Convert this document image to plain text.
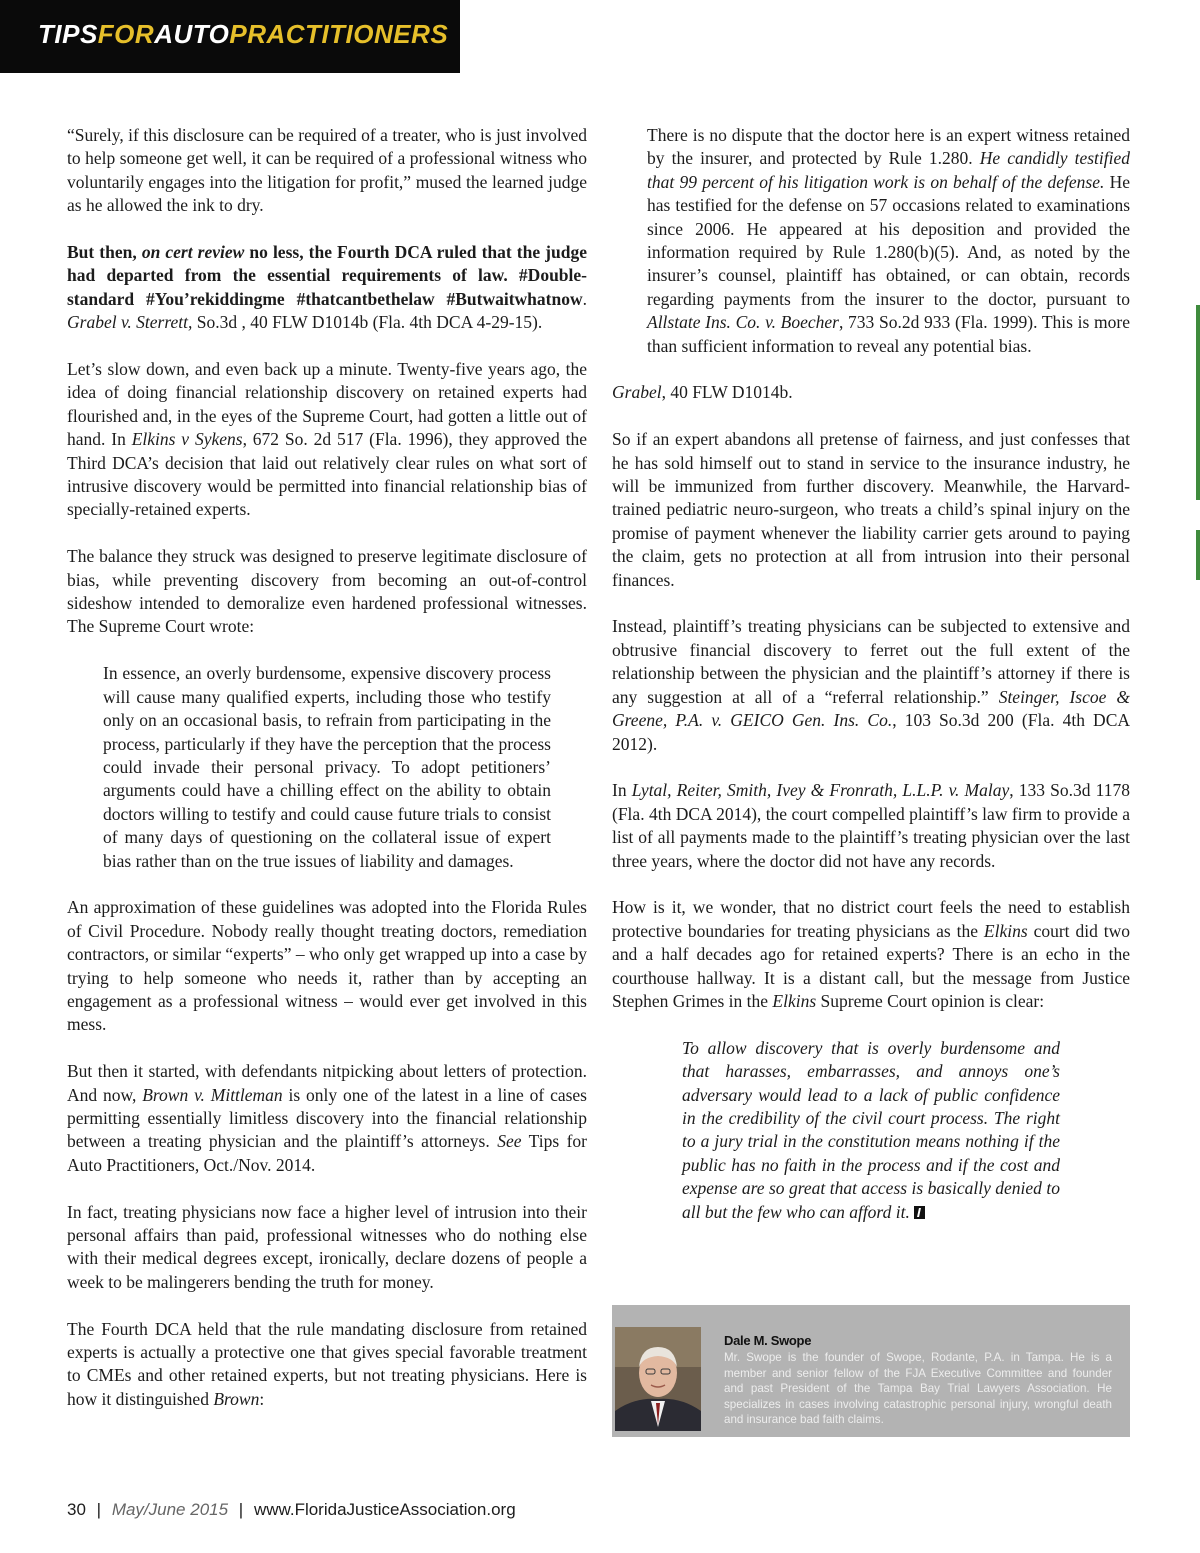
TIPSFORAUTOPRACTITIONERS

“Surely, if this disclosure can be required of a treater, who is just involved to help someone get well, it can be required of a professional witness who voluntarily engages into the litigation for profit,” mused the learned judge as he allowed the ink to dry.

But then, on cert review no less, the Fourth DCA ruled that the judge had departed from the essential requirements of law. #Double-standard #You’rekiddingme #thatcantbethelaw #Butwaitwhatnow. Grabel v. Sterrett, So.3d , 40 FLW D1014b (Fla. 4th DCA 4-29-15).

Let’s slow down, and even back up a minute. Twenty-five years ago, the idea of doing financial relationship discovery on retained experts had flourished and, in the eyes of the Supreme Court, had gotten a little out of hand. In Elkins v Sykens, 672 So. 2d 517 (Fla. 1996), they approved the Third DCA’s decision that laid out relatively clear rules on what sort of intrusive discovery would be permitted into financial relationship bias of specially-retained experts.

The balance they struck was designed to preserve legitimate disclosure of bias, while preventing discovery from becoming an out-of-control sideshow intended to demoralize even hardened professional witnesses. The Supreme Court wrote:

In essence, an overly burdensome, expensive discovery process will cause many qualified experts, including those who testify only on an occasional basis, to refrain from participating in the process, particularly if they have the perception that the process could invade their personal privacy. To adopt petitioners’ arguments could have a chilling effect on the ability to obtain doctors willing to testify and could cause future trials to consist of many days of questioning on the collateral issue of expert bias rather than on the true issues of liability and damages.

An approximation of these guidelines was adopted into the Florida Rules of Civil Procedure. Nobody really thought treating doctors, remediation contractors, or similar “experts” – who only get wrapped up into a case by trying to help someone who needs it, rather than by accepting an engagement as a professional witness – would ever get involved in this mess.

But then it started, with defendants nitpicking about letters of protection. And now, Brown v. Mittleman is only one of the latest in a line of cases permitting essentially limitless discovery into the financial relationship between a treating physician and the plaintiff’s attorneys. See Tips for Auto Practitioners, Oct./Nov. 2014.

In fact, treating physicians now face a higher level of intrusion into their personal affairs than paid, professional witnesses who do nothing else with their medical degrees except, ironically, declare dozens of people a week to be malingerers bending the truth for money.

The Fourth DCA held that the rule mandating disclosure from retained experts is actually a protective one that gives special favorable treatment to CMEs and other retained experts, but not treating physicians. Here is how it distinguished Brown:

There is no dispute that the doctor here is an expert witness retained by the insurer, and protected by Rule 1.280. He candidly testified that 99 percent of his litigation work is on behalf of the defense. He has testified for the defense on 57 occasions related to examinations since 2006. He appeared at his deposition and provided the information required by Rule 1.280(b)(5). And, as noted by the insurer’s counsel, plaintiff has obtained, or can obtain, records regarding payments from the insurer to the doctor, pursuant to Allstate Ins. Co. v. Boecher, 733 So.2d 933 (Fla. 1999). This is more than sufficient information to reveal any potential bias.

Grabel, 40 FLW D1014b.

So if an expert abandons all pretense of fairness, and just confesses that he has sold himself out to stand in service to the insurance industry, he will be immunized from further discovery. Meanwhile, the Harvard-trained pediatric neuro-surgeon, who treats a child’s spinal injury on the promise of payment whenever the liability carrier gets around to paying the claim, gets no protection at all from intrusion into their personal finances.

Instead, plaintiff’s treating physicians can be subjected to extensive and obtrusive financial discovery to ferret out the full extent of the relationship between the physician and the plaintiff’s attorney if there is any suggestion at all of a “referral relationship.” Steinger, Iscoe & Greene, P.A. v. GEICO Gen. Ins. Co., 103 So.3d 200 (Fla. 4th DCA 2012).

In Lytal, Reiter, Smith, Ivey & Fronrath, L.L.P. v. Malay, 133 So.3d 1178 (Fla. 4th DCA 2014), the court compelled plaintiff’s law firm to provide a list of all payments made to the plaintiff’s treating physician over the last three years, where the doctor did not have any records.

How is it, we wonder, that no district court feels the need to establish protective boundaries for treating physicians as the Elkins court did two and a half decades ago for retained experts? There is an echo in the courthouse hallway. It is a distant call, but the message from Justice Stephen Grimes in the Elkins Supreme Court opinion is clear:

To allow discovery that is overly burdensome and that harasses, embarrasses, and annoys one’s adversary would lead to a lack of public confidence in the credibility of the civil court process. The right to a jury trial in the constitution means nothing if the public has no faith in the process and if the cost and expense are so great that access is basically denied to all but the few who can afford it.

Dale M. Swope
Mr. Swope is the founder of Swope, Rodante, P.A. in Tampa. He is a member and senior fellow of the FJA Executive Committee and founder and past President of the Tampa Bay Trial Lawyers Association. He specializes in cases involving catastrophic personal injury, wrongful death and insurance bad faith claims.
30 | May/June 2015 | www.FloridaJusticeAssociation.org
